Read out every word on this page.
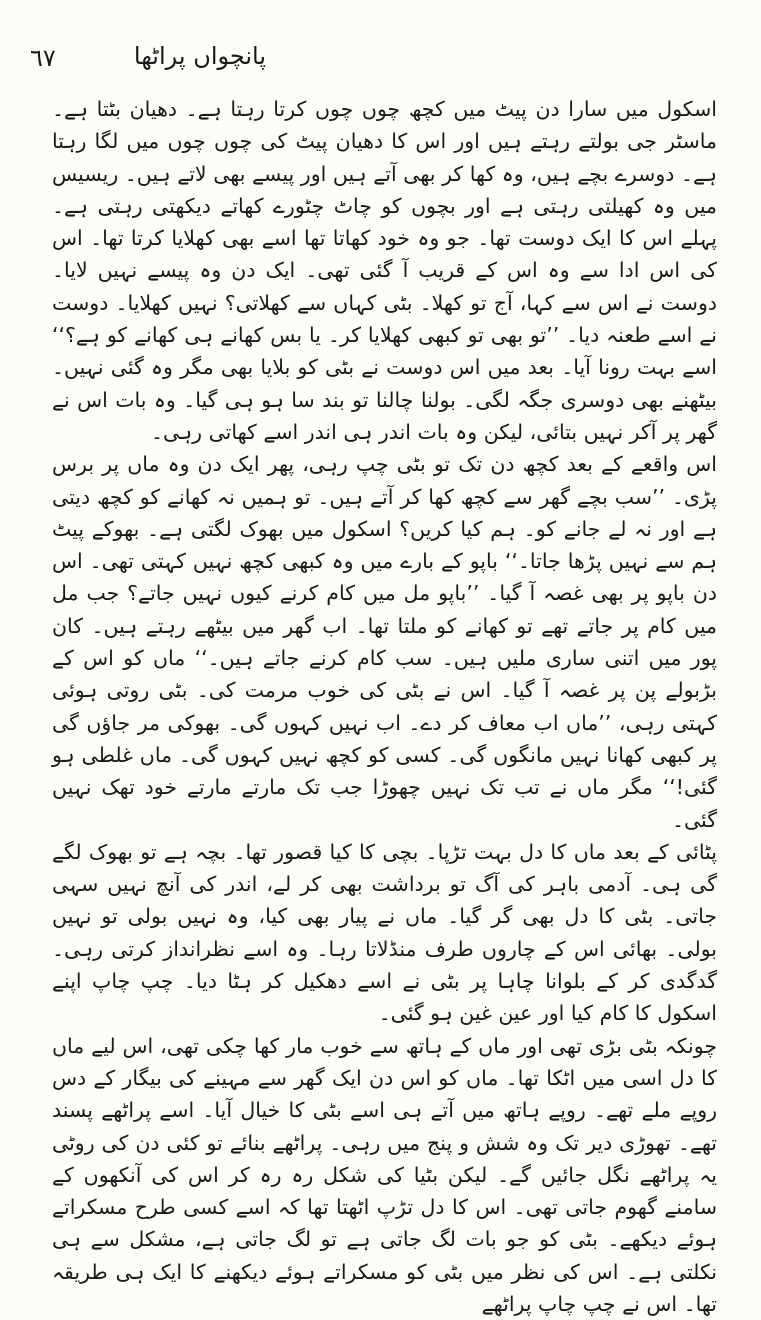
٦٧	پانچواں پراٹھا

اسکول میں سارا دن پیٹ میں کچھ چوں چوں کرتا رہتا ہے۔ دھیان بٹتا ہے۔ ماسٹر جی بولتے رہتے ہیں اور اس کا دھیان پیٹ کی چوں چوں میں لگا رہتا ہے۔ دوسرے بچے ہیں، وہ کھا کر بھی آتے ہیں اور پیسے بھی لاتے ہیں۔ ریسیس میں وہ کھیلتی رہتی ہے اور بچوں کو چاٹ چٹورے کھاتے دیکھتی رہتی ہے۔ پہلے اس کا ایک دوست تھا۔ جو وہ خود کھاتا تھا اسے بھی کھلایا کرتا تھا۔ اس کی اس ادا سے وہ اس کے قریب آ گئی تھی۔ ایک دن وہ پیسے نہیں لایا۔ دوست نے اس سے کہا، آج تو کھلا۔ بٹی کہاں سے کھلاتی؟ نہیں کھلایا۔ دوست نے اسے طعنہ دیا۔ ’’تو بھی تو کبھی کھلایا کر۔ یا بس کھانے ہی کھانے کو ہے؟‘‘ اسے بہت رونا آیا۔ بعد میں اس دوست نے بٹی کو بلایا بھی مگر وہ گئی نہیں۔ بیٹھنے بھی دوسری جگہ لگی۔ بولنا چالنا تو بند سا ہو ہی گیا۔ وہ بات اس نے گھر پر آکر نہیں بتائی، لیکن وہ بات اندر ہی اندر اسے کھاتی رہی۔

اس واقعے کے بعد کچھ دن تک تو بٹی چپ رہی، پھر ایک دن وہ ماں پر برس پڑی۔ ’’سب بچے گھر سے کچھ کھا کر آتے ہیں۔ تو ہمیں نہ کھانے کو کچھ دیتی ہے اور نہ لے جانے کو۔ ہم کیا کریں؟ اسکول میں بھوک لگتی ہے۔ بھوکے پیٹ ہم سے نہیں پڑھا جاتا۔‘‘ باپو کے بارے میں وہ کبھی کچھ نہیں کہتی تھی۔ اس دن باپو پر بھی غصہ آ گیا۔ ’’باپو مل میں کام کرنے کیوں نہیں جاتے؟ جب مل میں کام پر جاتے تھے تو کھانے کو ملتا تھا۔ اب گھر میں بیٹھے رہتے ہیں۔ کان پور میں اتنی ساری ملیں ہیں۔ سب کام کرنے جاتے ہیں۔‘‘ ماں کو اس کے بڑبولے پن پر غصہ آ گیا۔ اس نے بٹی کی خوب مرمت کی۔ بٹی روتی ہوئی کہتی رہی، ’’ماں اب معاف کر دے۔ اب نہیں کہوں گی۔ بھوکی مر جاؤں گی پر کبھی کھانا نہیں مانگوں گی۔ کسی کو کچھ نہیں کہوں گی۔ ماں غلطی ہو گئی!‘‘ مگر ماں نے تب تک نہیں چھوڑا جب تک مارتے مارتے خود تھک نہیں گئی۔

پٹائی کے بعد ماں کا دل بہت تڑپا۔ بچی کا کیا قصور تھا۔ بچہ ہے تو بھوک لگے گی ہی۔ آدمی باہر کی آگ تو برداشت بھی کر لے، اندر کی آنچ نہیں سہی جاتی۔ بٹی کا دل بھی گر گیا۔ ماں نے پیار بھی کیا، وہ نہیں بولی تو نہیں بولی۔ بھائی اس کے چاروں طرف منڈلاتا رہا۔ وہ اسے نظرانداز کرتی رہی۔ گدگدی کر کے بلوانا چاہا پر بٹی نے اسے دھکیل کر ہٹا دیا۔ چپ چاپ اپنے اسکول کا کام کیا اور عین غین ہو گئی۔

چونکہ بٹی بڑی تھی اور ماں کے ہاتھ سے خوب مار کھا چکی تھی، اس لیے ماں کا دل اسی میں اٹکا تھا۔ ماں کو اس دن ایک گھر سے مہینے کی بیگار کے دس روپے ملے تھے۔ روپے ہاتھ میں آتے ہی اسے بٹی کا خیال آیا۔ اسے پراٹھے پسند تھے۔ تھوڑی دیر تک وہ شش و پنج میں رہی۔ پراٹھے بنائے تو کئی دن کی روٹی یہ پراٹھے نگل جائیں گے۔ لیکن بٹیا کی شکل رہ رہ کر اس کی آنکھوں کے سامنے گھوم جاتی تھی۔ اس کا دل تڑپ اٹھتا تھا کہ اسے کسی طرح مسکراتے ہوئے دیکھے۔ بٹی کو جو بات لگ جاتی ہے تو لگ جاتی ہے، مشکل سے ہی نکلتی ہے۔ اس کی نظر میں بٹی کو مسکراتے ہوئے دیکھنے کا ایک ہی طریقہ تھا۔ اس نے چپ چاپ پراٹھے
